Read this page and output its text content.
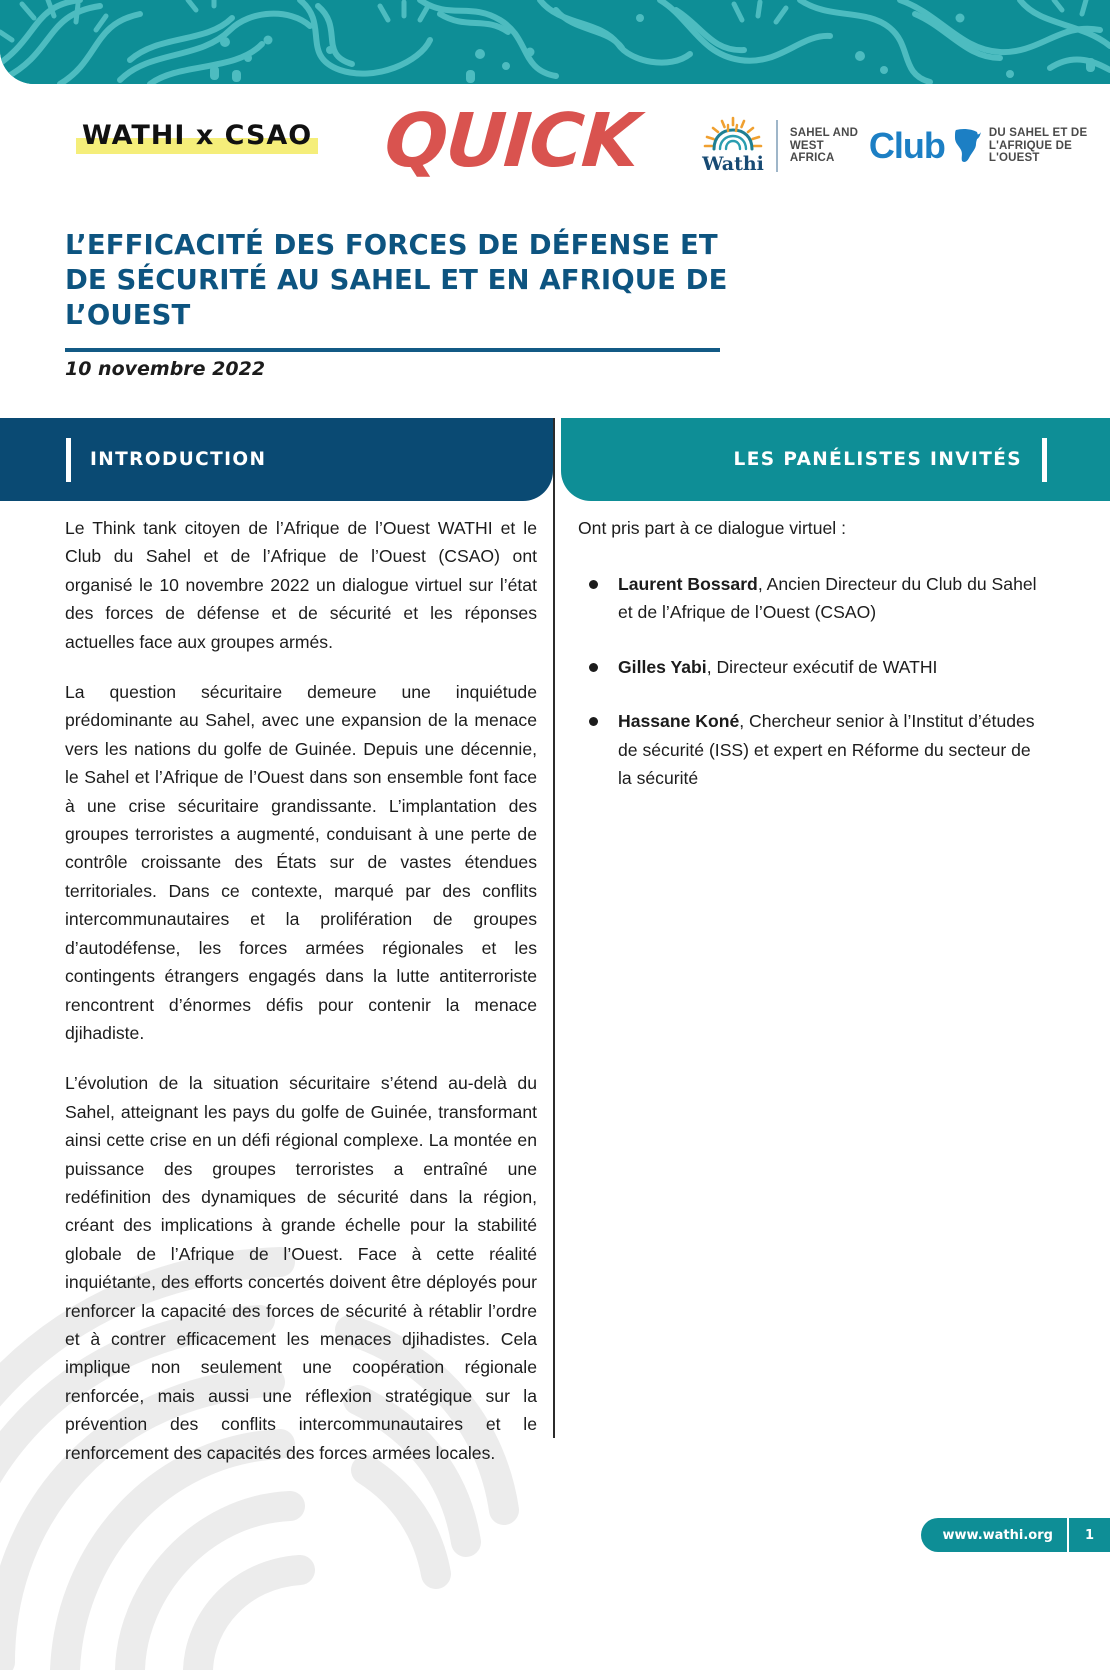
WATHI x CSAO QUICK	Wathi
SAHEL AND
WEST AFRICA Club	DU SAHEL ET DE
L'AFRIQUE DE L'OUEST
L’EFFICACITÉ DES FORCES DE DÉFENSE ET DE SÉCURITÉ AU SAHEL ET EN AFRIQUE DE L’OUEST
10 novembre 2022
INTRODUCTION	LES PANÉLISTES INVITÉS

Le Think tank citoyen de l’Afrique de l’Ouest WATHI et le Club du Sahel et de l’Afrique de l’Ouest (CSAO) ont organisé le 10 novembre 2022 un dialogue virtuel sur l’état des forces de défense et de sécurité et les réponses actuelles face aux groupes armés.

La question sécuritaire demeure une inquiétude prédominante au Sahel, avec une expansion de la menace vers les nations du golfe de Guinée. Depuis une décennie, le Sahel et l’Afrique de l’Ouest dans son ensemble font face à une crise sécuritaire grandissante. L’implantation des groupes terroristes a augmenté, conduisant à une perte de contrôle croissante des États sur de vastes étendues territoriales. Dans ce contexte, marqué par des conflits intercommunautaires et la prolifération de groupes d’autodéfense, les forces armées régionales et les contingents étrangers engagés dans la lutte antiterroriste rencontrent d’énormes défis pour contenir la menace djihadiste.

L’évolution de la situation sécuritaire s’étend au-delà du Sahel, atteignant les pays du golfe de Guinée, transformant ainsi cette crise en un défi régional complexe. La montée en puissance des groupes terroristes a entraîné une redéfinition des dynamiques de sécurité dans la région, créant des implications à grande échelle pour la stabilité globale de l’Afrique de l’Ouest. Face à cette réalité inquiétante, des efforts concertés doivent être déployés pour renforcer la capacité des forces de sécurité à rétablir l’ordre et à contrer efficacement les menaces djihadistes. Cela implique non seulement une coopération régionale renforcée, mais aussi une réflexion stratégique sur la prévention des conflits intercommunautaires et le renforcement des capacités des forces armées locales.

Ont pris part à ce dialogue virtuel :

Laurent Bossard, Ancien Directeur du Club du Sahel et de l’Afrique de l’Ouest (CSAO)
Gilles Yabi, Directeur exécutif de WATHI
Hassane Koné, Chercheur senior à l’Institut d’études de sécurité (ISS) et expert en Réforme du secteur de la sécurité
www.wathi.org	1
